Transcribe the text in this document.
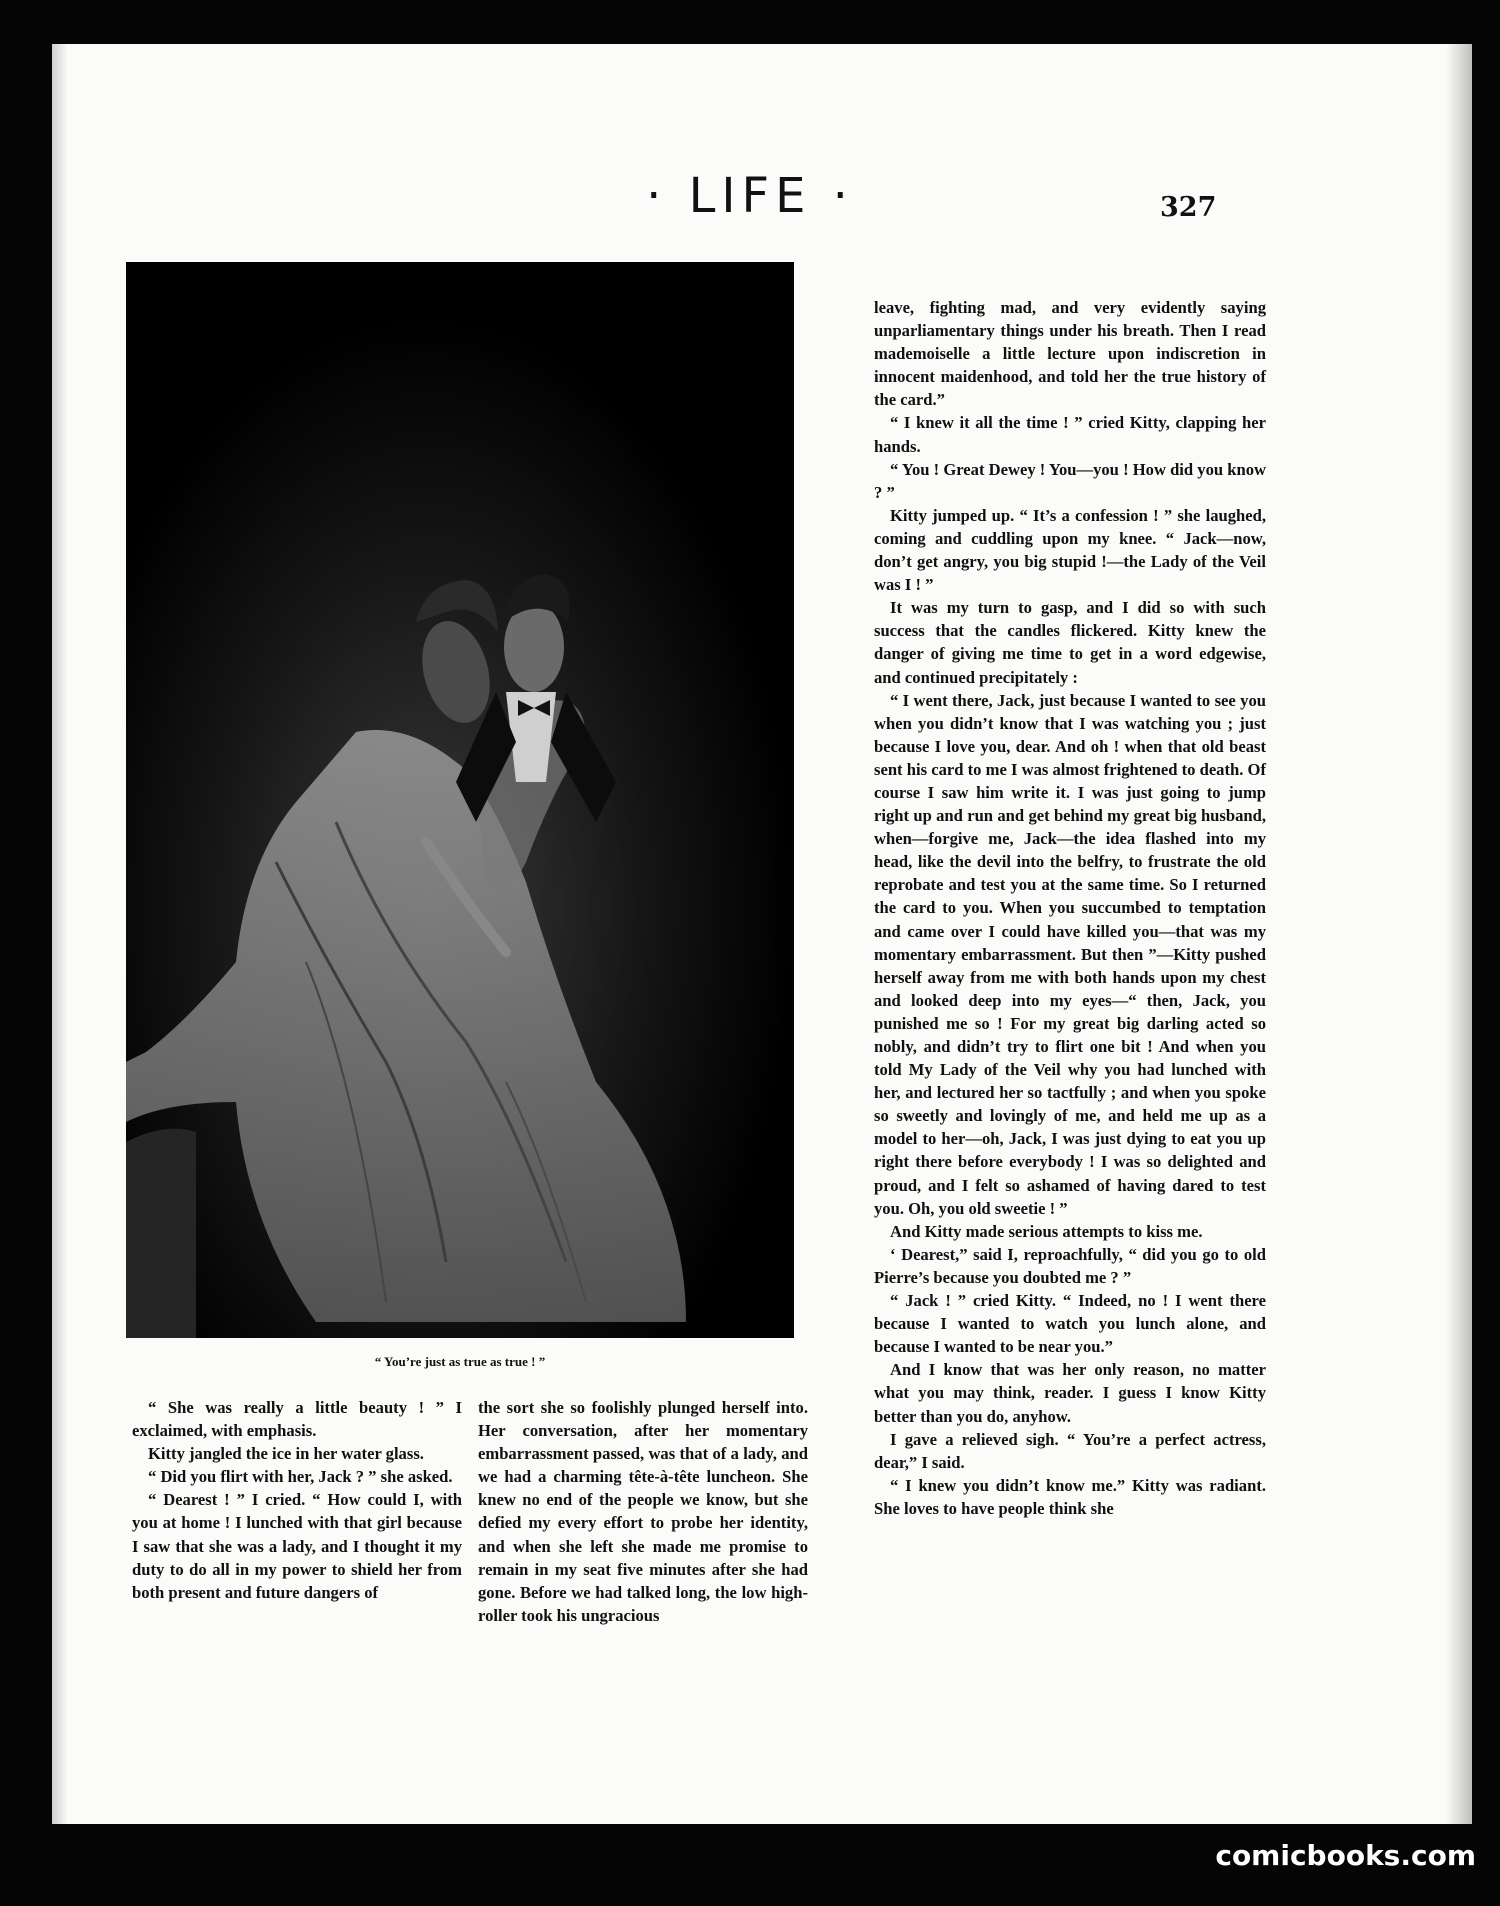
· LIFE ·	327
“ You’re just as true as true ! ”

leave, fighting mad, and very evidently saying unparliamentary things under his breath. Then I read mademoiselle a little lecture upon indiscretion in innocent maidenhood, and told her the true history of the card.”

“ I knew it all the time ! ” cried Kitty, clapping her hands.

“ You ! Great Dewey ! You—you ! How did you know ? ”

Kitty jumped up. “ It’s a confession ! ” she laughed, coming and cuddling upon my knee. “ Jack—now, don’t get angry, you big stupid !—the Lady of the Veil was I ! ”

It was my turn to gasp, and I did so with such success that the candles flickered. Kitty knew the danger of giving me time to get in a word edgewise, and continued precipitately :

“ I went there, Jack, just because I wanted to see you when you didn’t know that I was watching you ; just because I love you, dear. And oh ! when that old beast sent his card to me I was almost frightened to death. Of course I saw him write it. I was just going to jump right up and run and get behind my great big husband, when—forgive me, Jack—the idea flashed into my head, like the devil into the belfry, to frustrate the old reprobate and test you at the same time. So I returned the card to you. When you succumbed to temptation and came over I could have killed you—that was my momentary embarrassment. But then ”—Kitty pushed herself away from me with both hands upon my chest and looked deep into my eyes—“ then, Jack, you punished me so ! For my great big darling acted so nobly, and didn’t try to flirt one bit ! And when you told My Lady of the Veil why you had lunched with her, and lectured her so tactfully ; and when you spoke so sweetly and lovingly of me, and held me up as a model to her—oh, Jack, I was just dying to eat you up right there before everybody ! I was so delighted and proud, and I felt so ashamed of having dared to test you. Oh, you old sweetie ! ”

And Kitty made serious attempts to kiss me.

‘ Dearest,” said I, reproachfully, “ did you go to old Pierre’s because you doubted me ? ”

“ Jack ! ” cried Kitty. “ Indeed, no ! I went there because I wanted to watch you lunch alone, and because I wanted to be near you.”

And I know that was her only reason, no matter what you may think, reader. I guess I know Kitty better than you do, anyhow.

I gave a relieved sigh. “ You’re a perfect actress, dear,” I said.

“ I knew you didn’t know me.” Kitty was radiant. She loves to have people think she

“ She was really a little beauty ! ” I exclaimed, with emphasis.

Kitty jangled the ice in her water glass.

“ Did you flirt with her, Jack ? ” she asked.

“ Dearest ! ” I cried. “ How could I, with you at home ! I lunched with that girl because I saw that she was a lady, and I thought it my duty to do all in my power to shield her from both present and future dangers of

the sort she so foolishly plunged herself into. Her conversation, after her momentary embarrassment passed, was that of a lady, and we had a charming tête-à-tête luncheon. She knew no end of the people we know, but she defied my every effort to probe her identity, and when she left she made me promise to remain in my seat five minutes after she had gone. Before we had talked long, the low high-roller took his ungracious

comicbooks.com
